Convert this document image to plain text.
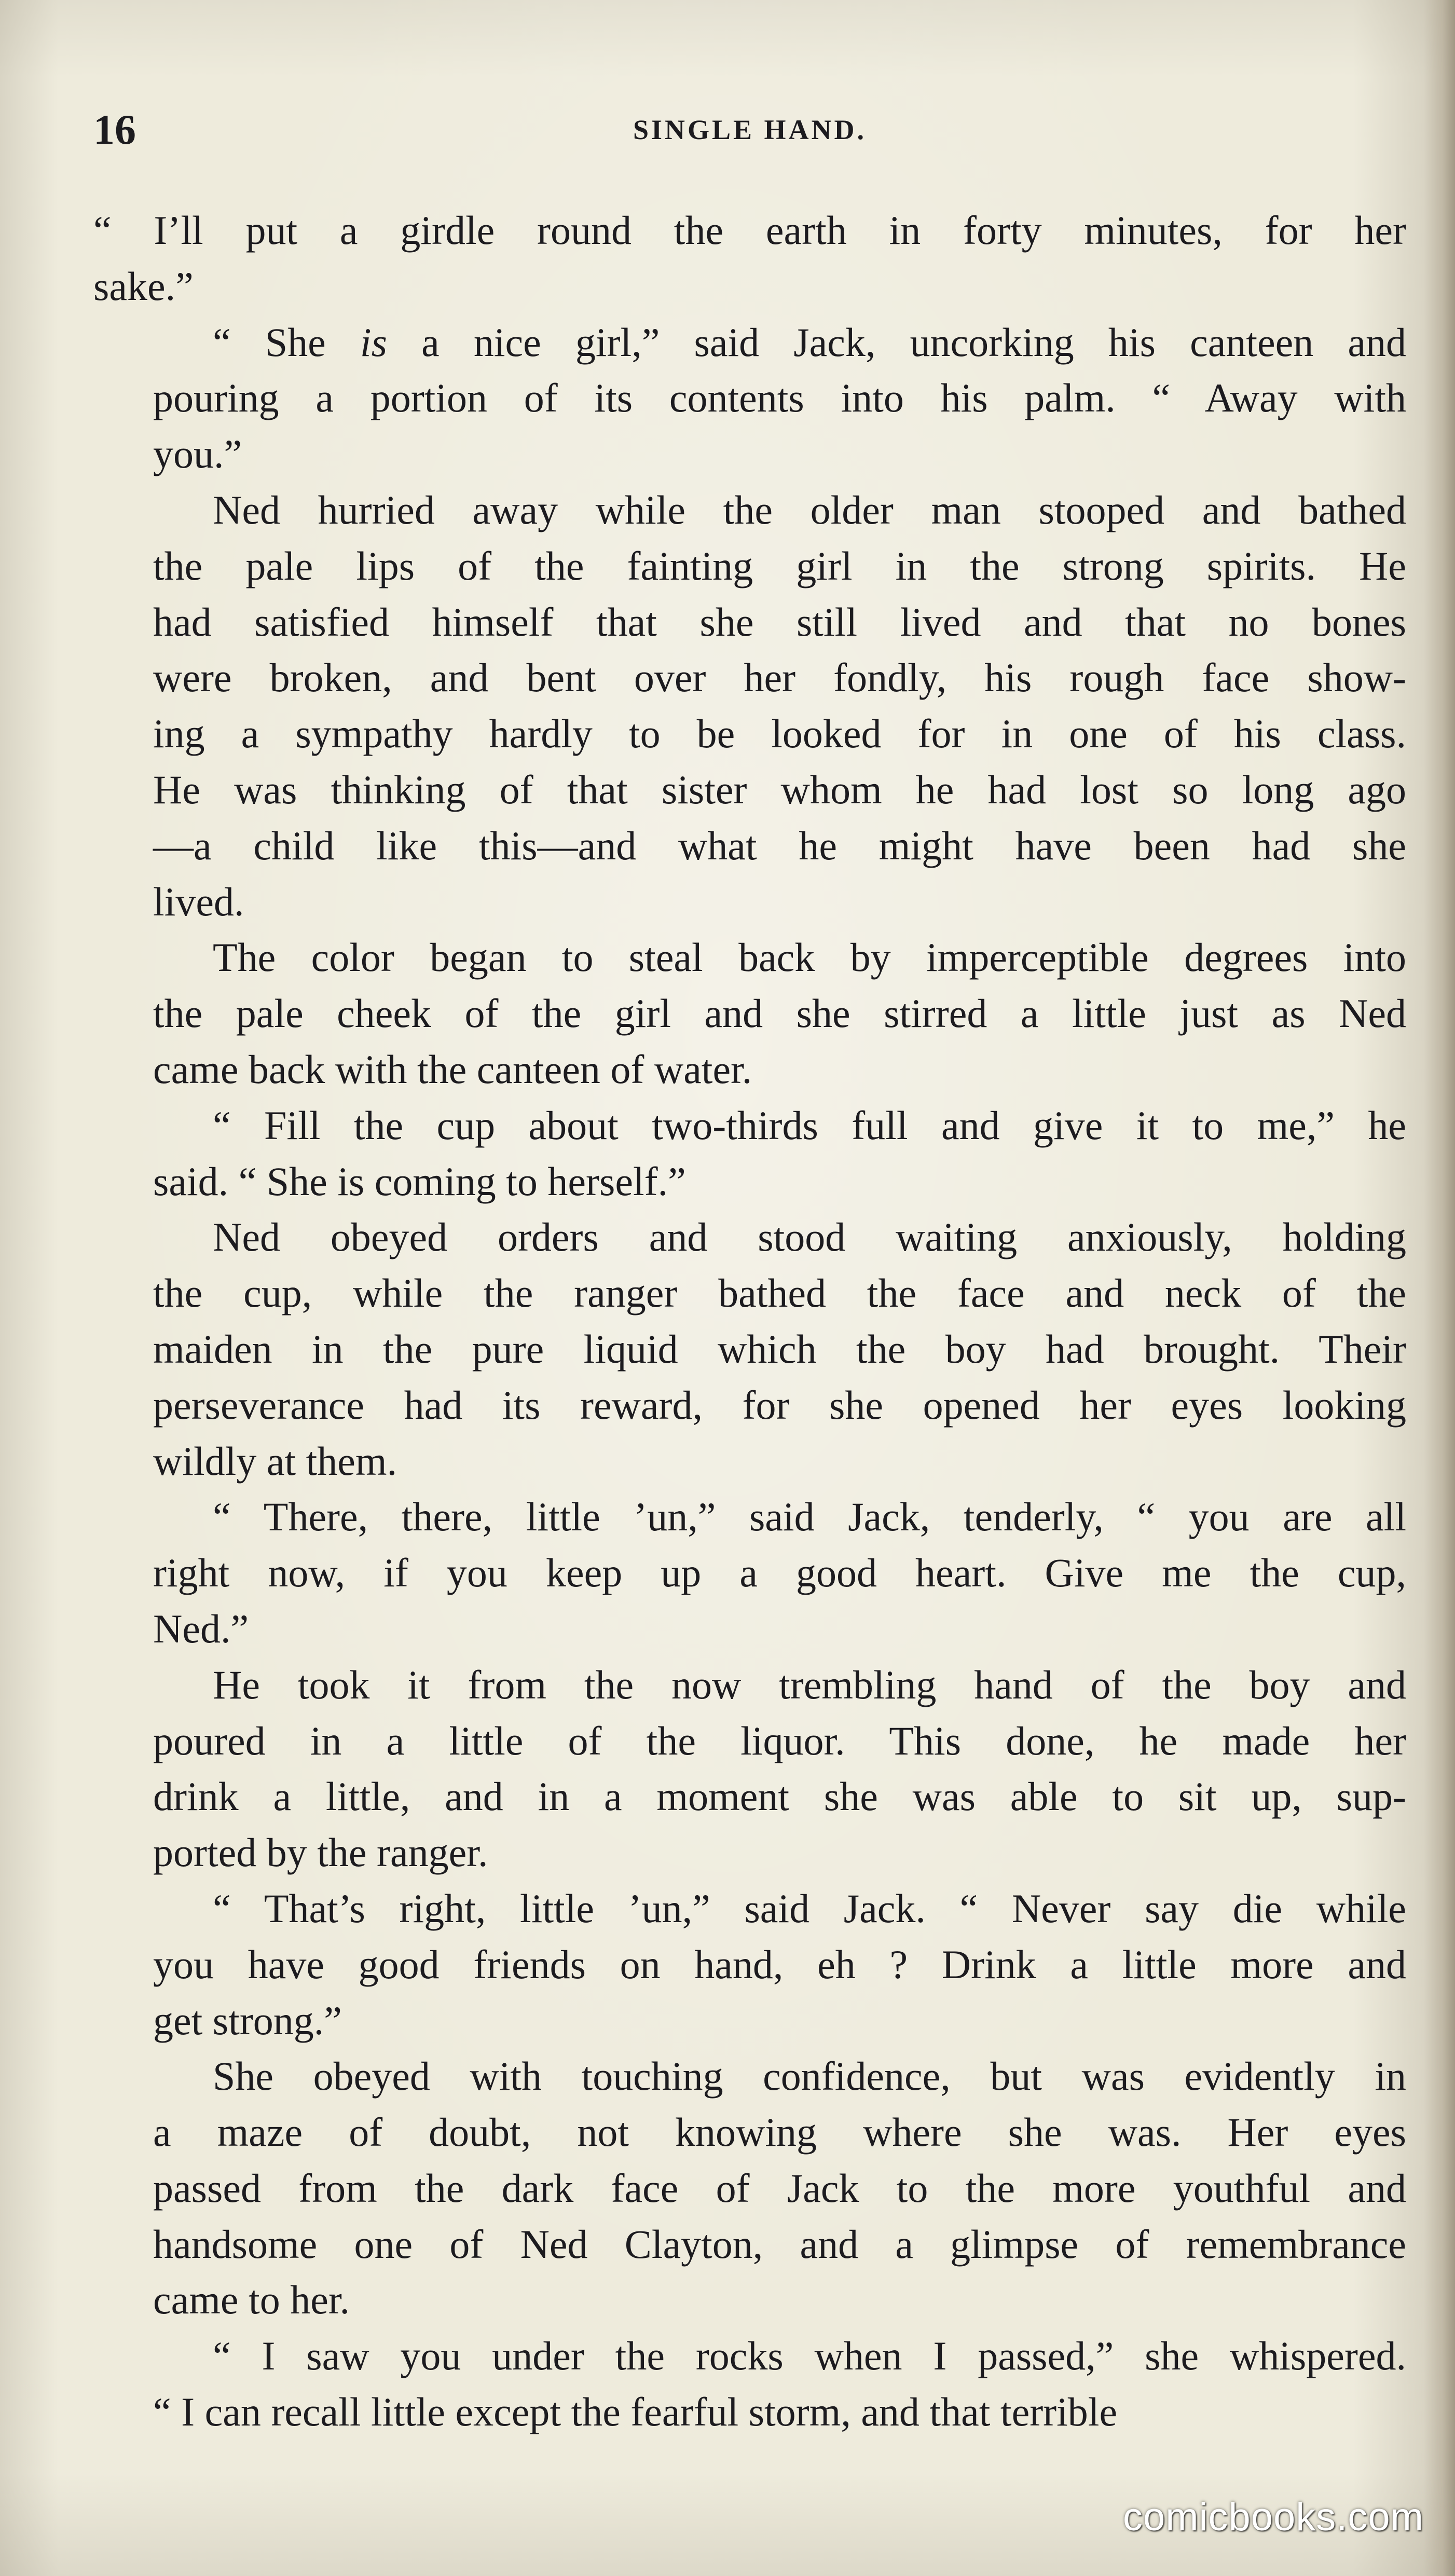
16	SINGLE HAND.
“ I’ll put a girdle round the earth in forty minutes, for her
sake.”
“ She is a nice girl,” said Jack, uncorking his canteen and
pouring a portion of its contents into his palm. “ Away with
you.”
Ned hurried away while the older man stooped and bathed
the pale lips of the fainting girl in the strong spirits. He
had satisfied himself that she still lived and that no bones
were broken, and bent over her fondly, his rough face show-
ing a sympathy hardly to be looked for in one of his class.
He was thinking of that sister whom he had lost so long ago
—a child like this—and what he might have been had she
lived.
The color began to steal back by imperceptible degrees into
the pale cheek of the girl and she stirred a little just as Ned
came back with the canteen of water.
“ Fill the cup about two-thirds full and give it to me,” he
said. “ She is coming to herself.”
Ned obeyed orders and stood waiting anxiously, holding
the cup, while the ranger bathed the face and neck of the
maiden in the pure liquid which the boy had brought. Their
perseverance had its reward, for she opened her eyes looking
wildly at them.
“ There, there, little ’un,” said Jack, tenderly, “ you are all
right now, if you keep up a good heart. Give me the cup,
Ned.”
He took it from the now trembling hand of the boy and
poured in a little of the liquor. This done, he made her
drink a little, and in a moment she was able to sit up, sup-
ported by the ranger.
“ That’s right, little ’un,” said Jack. “ Never say die while
you have good friends on hand, eh ? Drink a little more and
get strong.”
She obeyed with touching confidence, but was evidently in
a maze of doubt, not knowing where she was. Her eyes
passed from the dark face of Jack to the more youthful and
handsome one of Ned Clayton, and a glimpse of remembrance
came to her.
“ I saw you under the rocks when I passed,” she whispered.
“ I can recall little except the fearful storm, and that terrible
comicbooks.com
